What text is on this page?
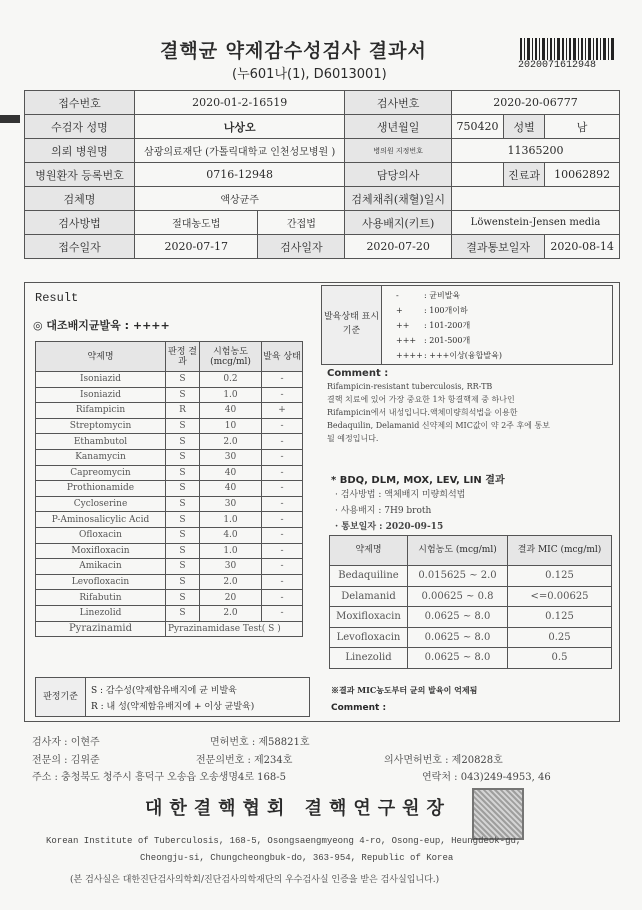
결핵균 약제감수성검사 결과서
(누601나(1), D6013001)
2020071612948
접수번호	2020-01-2-16519		검사번호	2020-20-06777		
수검자 성명	나상오		생년월일	750420	성별	남
의뢰 병원명	삼광의료재단 (가톨릭대학교 인천성모병원 )		병의원 지정번호	11365200		
병원환자 등록번호	0716-12948		담당의사		진료과	10062892
검체명	액상균주		검체채취(채혈)일시			
검사방법	절대농도법	간접법	사용배지(키트)	Löwenstein-Jensen media		
접수일자	2020-07-17	검사일자	2020-07-20	결과통보일자		2020-08-14
Result
◎ 대조배지균발육 : ++++
약제명	판정 결과	시험농도 (mcg/ml)	발육 상태
Isoniazid	S	0.2	-
Isoniazid	S	1.0	-
Rifampicin	R	40	+
Streptomycin	S	10	-
Ethambutol	S	2.0	-
Kanamycin	S	30	-
Capreomycin	S	40	-
Prothionamide	S	40	-
Cycloserine	S	30	-
P-Aminosalicylic Acid	S	1.0	-
Ofloxacin	S	4.0	-
Moxifloxacin	S	1.0	-
Amikacin	S	30	-
Levofloxacin	S	2.0	-
Rifabutin	S	20	-
Linezolid	S	2.0	-
Pyrazinamid	Pyrazinamidase Test( S )		
판정기준
S : 감수성(약제함유배지에 균 비발육
R : 내 성(약제함유배지에 + 이상 균발육)
발육상태 표시기준
-	: 균비발육
+	: 100개이하
++ : 101-200개
+++ : 201-500개
++++: +++이상(융합발육)
Comment :
Rifampicin-resistant tuberculosis, RR-TB
결핵 치료에 있어 가장 중요한 1차 항결핵제 중 하나인
Rifampicin에서 내성입니다.액체미량희석법을 이용한
Bedaquilin, Delamanid 신약제의 MIC값이 약 2주 후에 통보
될 예정입니다.
* BDQ, DLM, MOX, LEV, LIN 결과
· 검사방법 : 액체배지 미량희석법
· 사용배지 : 7H9 broth
· 통보일자 : 2020-09-15
약제명	시험농도 (mcg/ml)	결과 MIC (mcg/ml)
Bedaquiline	0.015625 ~ 2.0	0.125
Delamanid	0.00625 ~ 0.8	<=0.00625
Moxifloxacin	0.0625 ~ 8.0	0.125
Levofloxacin	0.0625 ~ 8.0	0.25
Linezolid	0.0625 ~ 8.0	0.5
※결과 MIC농도부터 균의 발육이 억제됨
Comment :
검사자 : 이현주	면허번호 : 제58821호
전문의 : 김위준	전문의번호 : 제234호	의사면허번호 : 제20828호
주소 : 충청북도 청주시 흥덕구 오송읍 오송생명4로 168-5	연락처 : 043)249-4953, 46
대한결핵협회 결핵연구원장
Korean Institute of Tuberculosis, 168-5, Osongsaengmyeong 4-ro, Osong-eup, Heungdeok-gu,
Cheongju-si, Chungcheongbuk-do, 363-954, Republic of Korea
(본 검사실은 대한진단검사의학회/진단검사의학재단의 우수검사실 인증을 받은 검사실입니다.)
